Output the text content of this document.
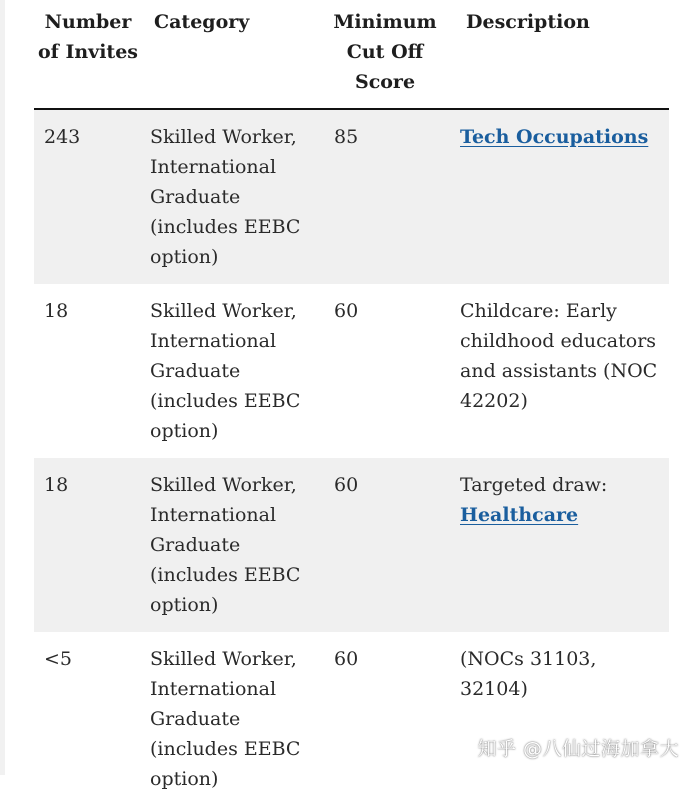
Number of Invites	Category	Minimum Cut Off Score	Description
243	Skilled Worker, International Graduate (includes EEBC option)	85	Tech Occupations
18	Skilled Worker, International Graduate (includes EEBC option)	60	Childcare: Early childhood educators and assistants (NOC 42202)
18	Skilled Worker, International Graduate (includes EEBC option)	60	Targeted draw: Healthcare
<5	Skilled Worker, International Graduate (includes EEBC option)	60	(NOCs 31103, 32104)
知乎 @八仙过海加拿大
